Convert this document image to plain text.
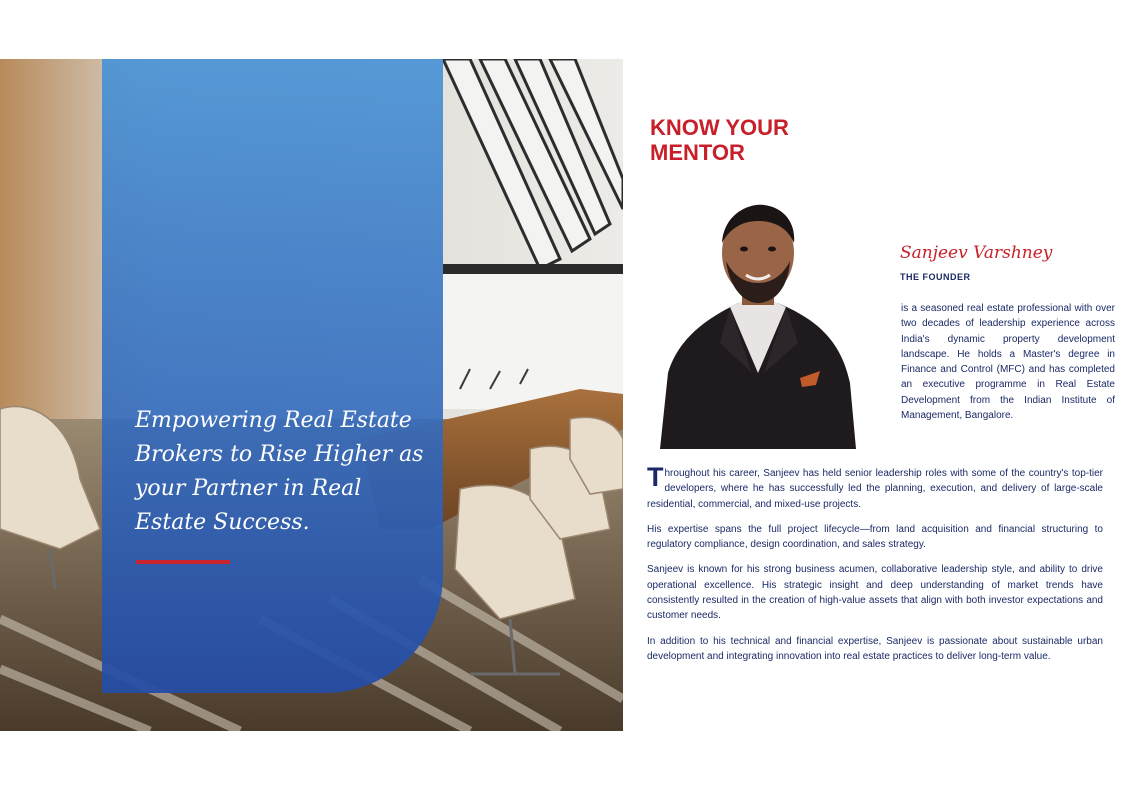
Empowering Real Estate Brokers to Rise Higher as your Partner in Real Estate Success.

KNOW YOUR MENTOR
Sanjeev Varshney
THE FOUNDER

is a seasoned real estate professional with over two decades of leadership experience across India's dynamic property development landscape. He holds a Master's degree in Finance and Control (MFC) and has completed an executive programme in Real Estate Development from the Indian Institute of Management, Bangalore.

Throughout his career, Sanjeev has held senior leadership roles with some of the country's top-tier developers, where he has successfully led the planning, execution, and delivery of large-scale residential, commercial, and mixed-use projects.

His expertise spans the full project lifecycle—from land acquisition and financial structuring to regulatory compliance, design coordination, and sales strategy.

Sanjeev is known for his strong business acumen, collaborative leadership style, and ability to drive operational excellence. His strategic insight and deep understanding of market trends have consistently resulted in the creation of high-value assets that align with both investor expectations and customer needs.

In addition to his technical and financial expertise, Sanjeev is passionate about sustainable urban development and integrating innovation into real estate practices to deliver long-term value.
